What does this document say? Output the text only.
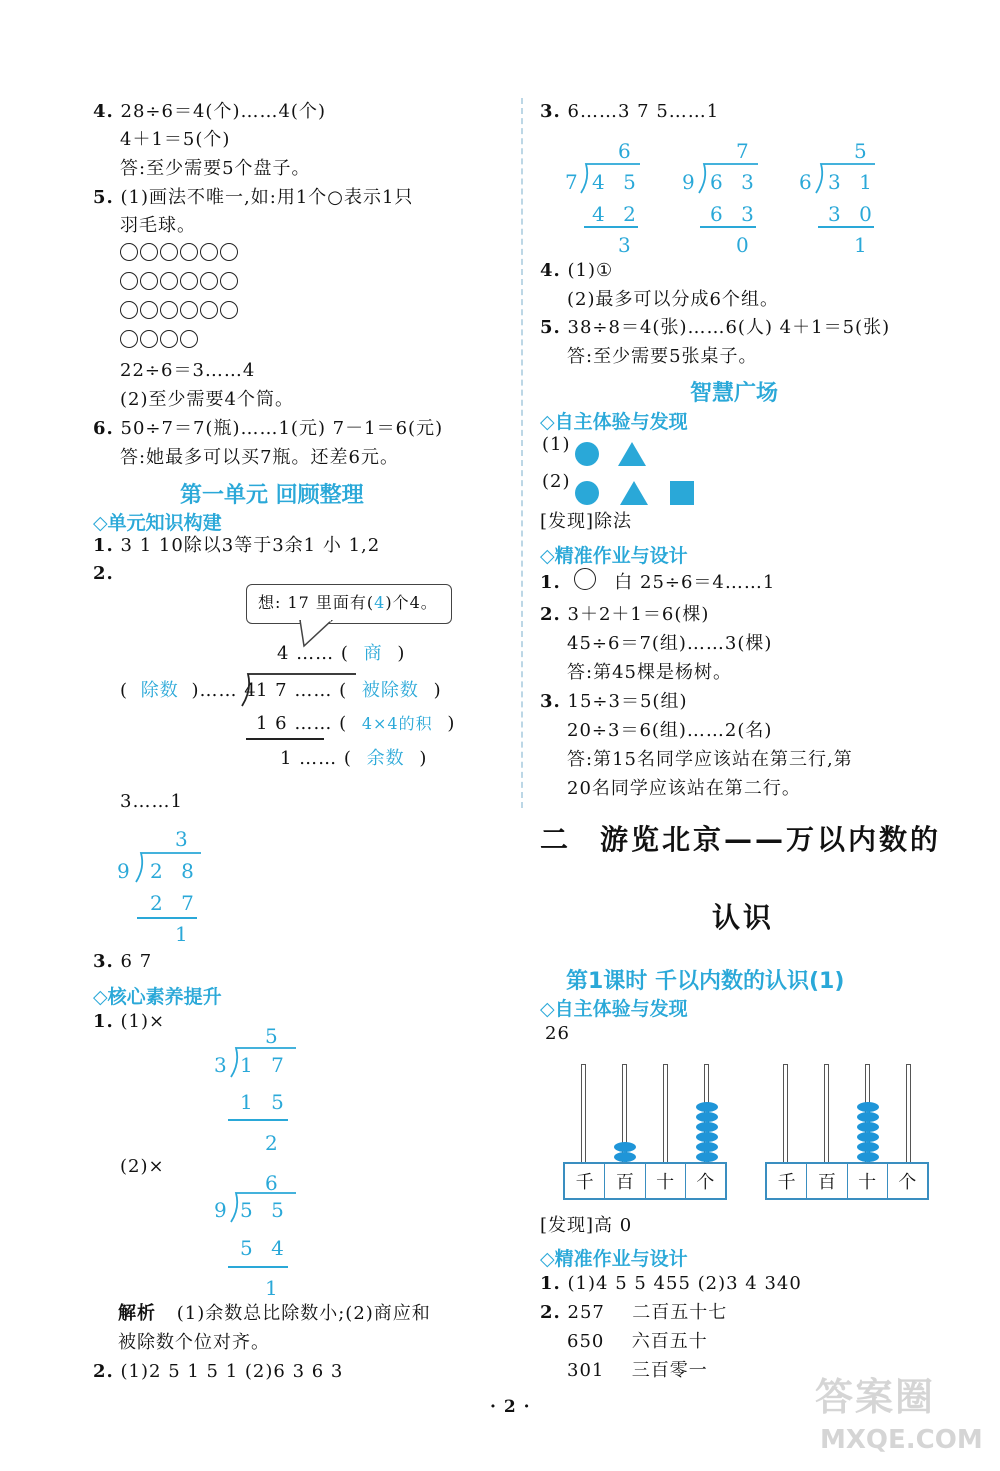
4. 28÷6＝4(个)……4(个)
4＋1＝5(个)
答:至少需要5个盘子。
5. (1)画法不唯一,如:用1个○表示1只
羽毛球。
22÷6＝3……4
(2)至少需要4个筒。
6. 50÷7＝7(瓶)……1(元) 7－1＝6(元)
答:她最多可以买7瓶。还差6元。
第一单元 回顾整理
◇单元知识构建
1. 3 1 10除以3等于3余1 小 1,2
2.
想: 17 里面有(4)个4。
4 …… ( 商 )
( 除数 )…… 4 1 7 …… ( 被除数 )
1 6 …… ( 4×4的积 )
1 …… ( 余数 )
3……1
3
9 2 8
2 7
1
3. 6 7
◇核心素养提升
1. (1)×
5
3 1 7
1 5
2
(2)×
6
9 5 5
5 4
1
解析 (1)余数总比除数小;(2)商应和
被除数个位对齐。
2. (1)2 5 1 5 1 (2)6 3 6 3
3. 6……3 7 5……1
6
7 4 5
4 2
3
7
9 6 3
6 3
0
5
6 3 1
3 0
1
4. (1)①
(2)最多可以分成6个组。
5. 38÷8＝4(张)……6(人) 4＋1＝5(张)
答:至少需要5张桌子。
智慧广场
◇自主体验与发现
(1)
(2)
[发现]除法
◇精准作业与设计
1.	白 25÷6＝4……1
2. 3＋2＋1＝6(棵)
45÷6＝7(组)……3(棵)
答:第45棵是杨树。
3. 15÷3＝5(组)
20÷3＝6(组)……2(名)
答:第15名同学应该站在第三行,第
20名同学应该站在第二行。
二 游览北京——万以内数的
认识
第1课时 千以内数的认识(1)
◇自主体验与发现
26
千	百	十	个	千	百	十	个
[发现]高 0
◇精准作业与设计
1. (1)4 5 5 455 (2)3 4 340
2. 257 二百五十七
650 六百五十
301 三百零一
· 2 ·	答案圈
MXQE.COM
